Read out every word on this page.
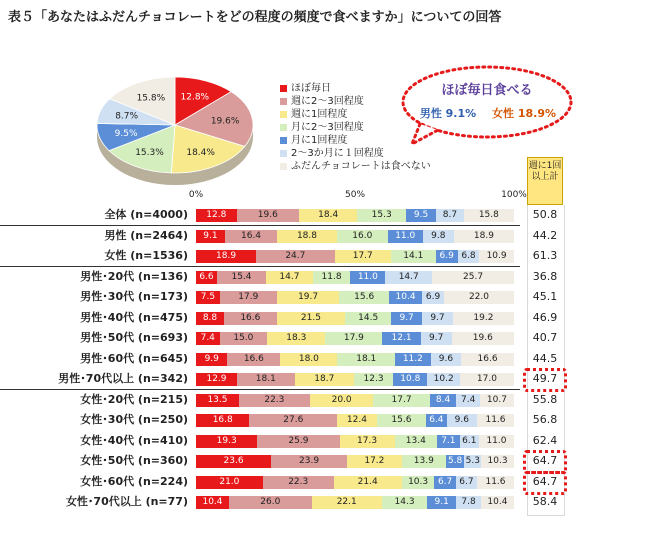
表５「あなたはふだんチョコレートをどの程度の頻度で食べますか」についての回答
12.8%
19.6%
18.4%
15.3%
9.5%
8.7%
15.8%
ほぼ毎日
週に2～3回程度
週に1回程度
月に2～3回程度
月に1回程度
2～3か月に１回程度
ふだんチョコレートは食べない
ほぼ毎日食べる
男性 9.1% 女性 18.9%
0%	50%	100%
週に1回以上計
全体 (n=4000)	12.8	19.6	18.4	15.3	9.5	8.7	15.8	50.8
男性 (n=2464)	9.1	16.4	18.8	16.0	11.0	9.8	18.9	44.2
女性 (n=1536)	18.9	24.7	17.7	14.1	6.9 6.8	10.9	61.3
男性･20代 (n=136)	6.6	15.4	14.7	11.8	11.0	14.7	25.7	36.8
男性･30代 (n=173)	7.5	17.9	19.7	15.6	10.4	6.9	22.0	45.1
男性･40代 (n=475)	8.8	16.6	21.5	14.5	9.7	9.7	19.2	46.9
男性･50代 (n=693)	7.4	15.0	18.3	17.9	12.1	9.7	19.6	40.7
男性･60代 (n=645)	9.9	16.6	18.0	18.1	11.2	9.6	16.6	44.5
男性･70代以上 (n=342)	12.9	18.1	18.7	12.3	10.8	10.2	17.0	49.7
女性･20代 (n=215)	13.5	22.3	20.0	17.7	8.4	7.4	10.7	55.8
女性･30代 (n=250)	16.8	27.6	12.4	15.6	6.4	9.6	11.6	56.8
女性･40代 (n=410)	19.3	25.9	17.3	13.4	7.1 6.1	11.0	62.4
女性･50代 (n=360)	23.6	23.9	17.2	13.9	5.8 5.3 10.3	64.7
女性･60代 (n=224)	21.0	22.3	21.4	10.3	6.7 6.7	11.6	64.7
女性･70代以上 (n=77)	10.4	26.0	22.1	14.3	9.1	7.8	10.4	58.4
